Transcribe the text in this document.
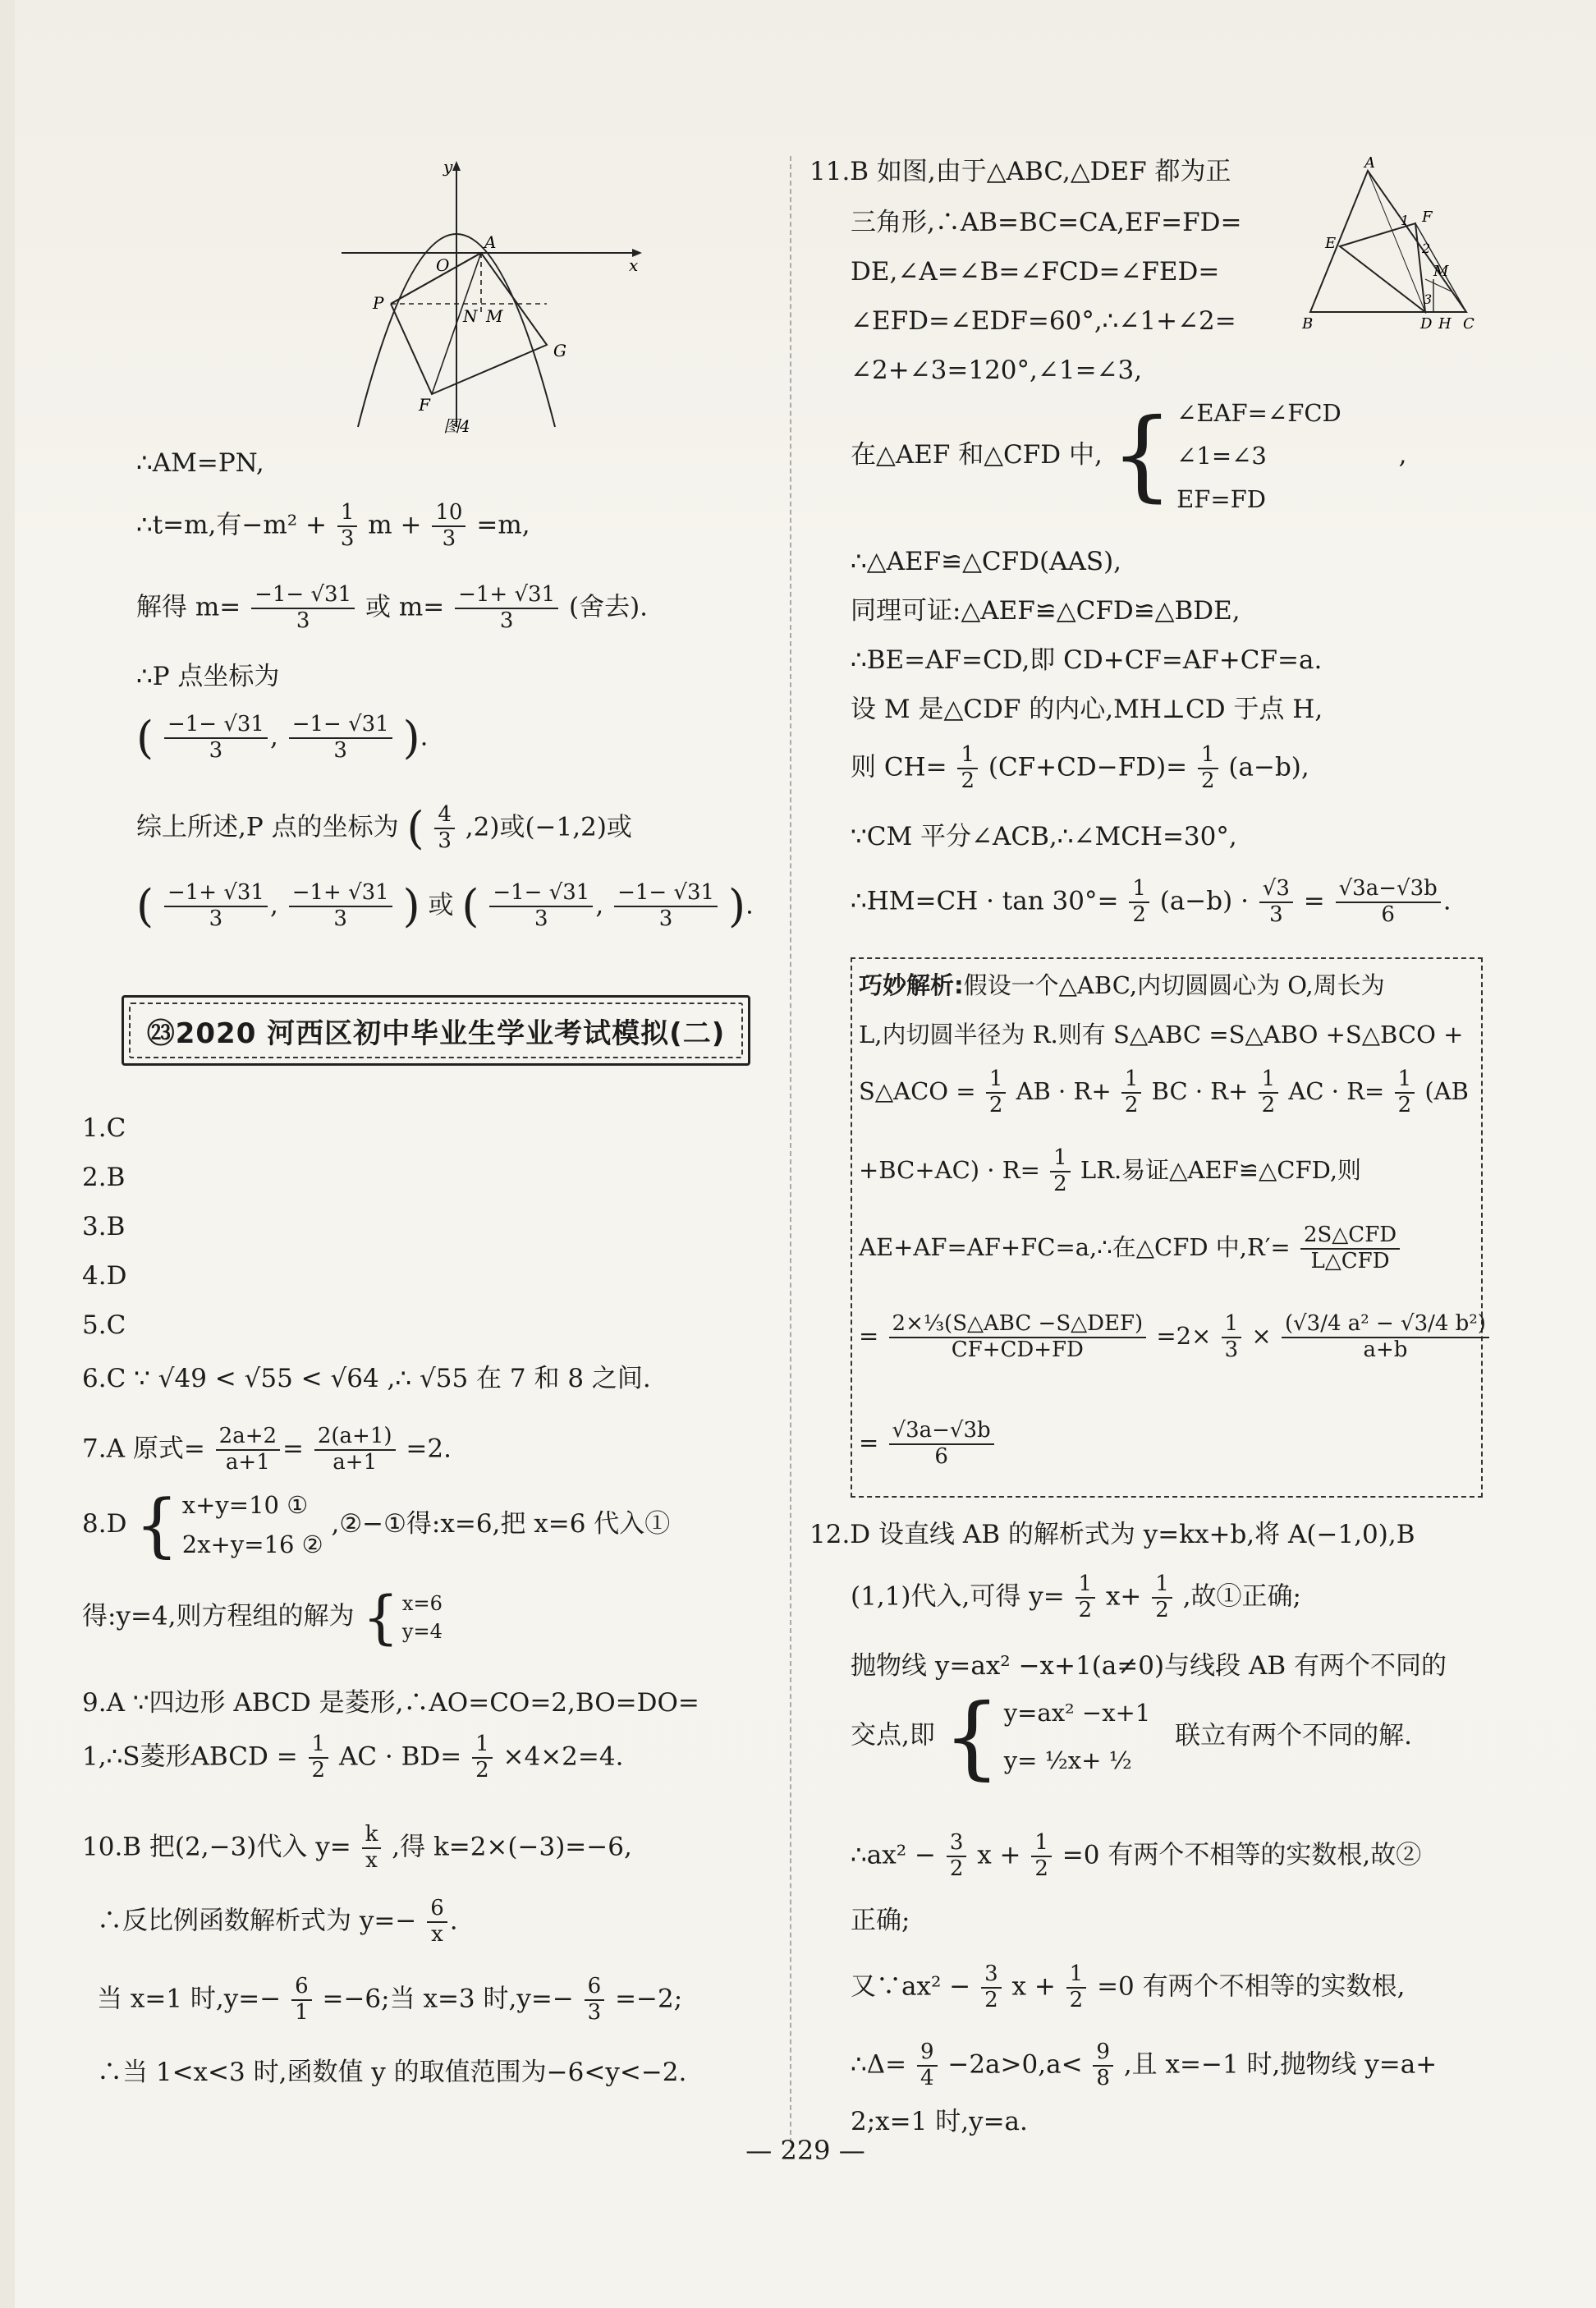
y
x
O
A
P
N M
F
G
图4
∴AM=PN,
∴t=m,有$-m^2 + \frac{1}{3}$ $m + \frac{10}{3} =m$,
解得 $m= \frac{-1- √31}{3}$ 或 $m= \frac{-1+ √31}{3}$ (舍去).
∴P 点坐标为
( $\frac{-1- √31}{3}$ , $\frac{-1- √31}{3}$ ).
综上所述,P 点的坐标为 ( $\frac{4}{3} ,2$)或(−1,2)或
( $\frac{-1+ √31}{3}$ , $\frac{-1+ √31}{3}$ ) 或 ( $\frac{-1- √31}{3}$ , $\frac{-1- √31}{3}$ ).
㉓2020 河西区初中毕业生学业考试模拟(二)
1.C
2.B
3.B
4.D
5.C
6.C ∵ √49 < √55 < √64 ,∴ √55 在 7 和 8 之间.
7.A 原式= $\frac{2a+2}{a+1} = \frac{2(a+1)}{a+1} =2$.
8.D { x+y=10 ①
2x+y=16 ②
,②−①得:x=6,把 x=6 代入①
得:y=4,则方程组的解为 { x=6
y=4
9.A ∵四边形 ABCD 是菱形,∴AO=CO=2,BO=DO=
1,∴S菱形ABCD = $\frac{1}{2}$ AC · $BD= \frac{1}{2} \times 4\times 2=4$.
10.B 把(2,−3)代入 $y= \frac{k}{x}$ ,得 k=2×(−3)=−6,
∴反比例函数解析式为 $y=- \frac{6}{x}$ .
当 x=1 时$,y=- \frac{6}{1} =-6$;当 x=3 时$,y=- \frac{6}{3} =-2$;
∴当 1<x<3 时,函数值 y 的取值范围为−6<y<−2.
A
B	C
D H
E
F
M
1
2
3
11.B 如图,由于△ABC,△DEF 都为正
三角形,∴AB=BC=CA,EF=FD=
DE,∠A=∠B=∠FCD=∠FED=
∠EFD=∠EDF=60°,∴∠1+∠2=
∠2+∠3=120°,∠1=∠3,
在△AEF 和△CFD 中, { ∠EAF=∠FCD
∠1=∠3
EF=FD
,
∴△AEF≌△CFD(AAS),
同理可证:△AEF≌△CFD≌△BDE,
∴BE=AF=CD,即 CD+CF=AF+CF=a.
设 M 是△CDF 的内心,MH⊥CD 于点 H,
则 $CH= \frac{1}{2} (CF+CD-FD)= \frac{1}{2} (a-b)$,
∵CM 平分∠ACB,∴∠MCH=30°,
∴HM=CH · $\tan 30^\circ= \frac{1}{2} (a-b) \cdot \frac{√3}{3} = \frac{√3a-√3b}{6}$ .
巧妙解析:假设一个△ABC,内切圆圆心为 O,周长为
L,内切圆半径为 R.则有 S△ABC =S△ABO +S△BCO +
S△ACO = $\frac{1}{2}$ AB · $R+ \frac{1}{2}$ BC · $R+ \frac{1}{2}$ AC · $R= \frac{1}{2} (AB$
$+BC+AC) \cdot R= \frac{1}{2}$ LR.易证△AEF≌△CFD,则
AE+AF=AF+FC=a,∴在△CFD 中$,R'= \frac{\text{2S△CFD}}{\text{L△CFD}}$
= $\frac{\text{2×⅓(S△ABC −S△DEF)}}{CF+CD+FD} =2\times \frac{1}{3} \times \frac{\text{(√3/4 a² − √3/4 b²)}}{a+b}$
= $\frac{√3a-√3b}{6}$
12.D 设直线 AB 的解析式为 y=kx+b,将 A(−1,0),B
(1,1)代入,可得 $y= \frac{1}{2} x+ \frac{1}{2}$ ,故①正确;
抛物线 y=ax² −x+1(a≠0)与线段 AB 有两个不同的
交点,即 { y=ax² −x+1
y= ½x+ ½
联立有两个不同的解.
∴ax² − $\frac{3}{2}$ $x + \frac{1}{2} =0$ 有两个不相等的实数根,故②
正确;
又∵ax² − $\frac{3}{2}$ $x + \frac{1}{2} =0$ 有两个不相等的实数根,
∴Δ= $\frac{9}{4} -2a>0,a< \frac{9}{8}$ ,且 x=−1 时,抛物线 y=a+
2;x=1 时,y=a.
— 229 —
